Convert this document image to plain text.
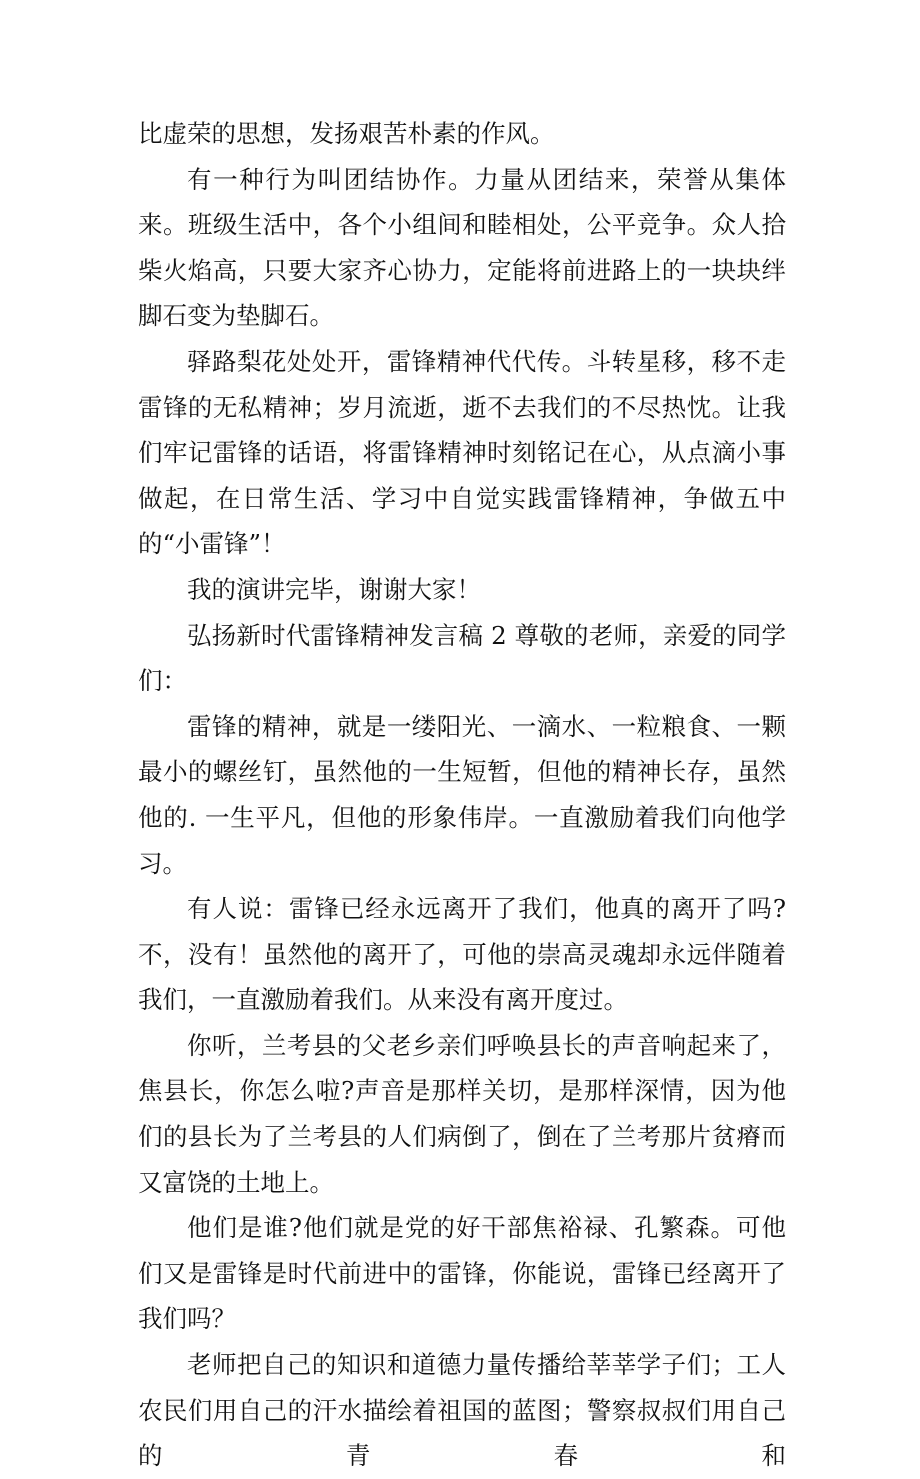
比虚荣的思想，发扬艰苦朴素的作风。

有一种行为叫团结协作。力量从团结来，荣誉从集体来。班级生活中，各个小组间和睦相处，公平竞争。众人拾柴火焰高，只要大家齐心协力，定能将前进路上的一块块绊脚石变为垫脚石。

驿路梨花处处开，雷锋精神代代传。斗转星移，移不走雷锋的无私精神；岁月流逝，逝不去我们的不尽热忱。让我们牢记雷锋的话语，将雷锋精神时刻铭记在心，从点滴小事做起，在日常生活、学习中自觉实践雷锋精神，争做五中的“小雷锋”！

我的演讲完毕，谢谢大家！

弘扬新时代雷锋精神发言稿 2 尊敬的老师，亲爱的同学们：

雷锋的精神，就是一缕阳光、一滴水、一粒粮食、一颗最小的螺丝钉，虽然他的一生短暂，但他的精神长存，虽然他的. 一生平凡，但他的形象伟岸。一直激励着我们向他学习。

有人说：雷锋已经永远离开了我们，他真的离开了吗?不，没有！虽然他的离开了，可他的崇高灵魂却永远伴随着我们，一直激励着我们。从来没有离开度过。

你听，兰考县的父老乡亲们呼唤县长的声音响起来了，焦县长，你怎么啦?声音是那样关切，是那样深情，因为他们的县长为了兰考县的人们病倒了，倒在了兰考那片贫瘠而又富饶的土地上。

他们是谁?他们就是党的好干部焦裕禄、孔繁森。可他们又是雷锋是时代前进中的雷锋，你能说，雷锋已经离开了我们吗？

老师把自己的知识和道德力量传播给莘莘学子们；工人农民们用自己的汗水描绘着祖国的蓝图；警察叔叔们用自己的青春和
